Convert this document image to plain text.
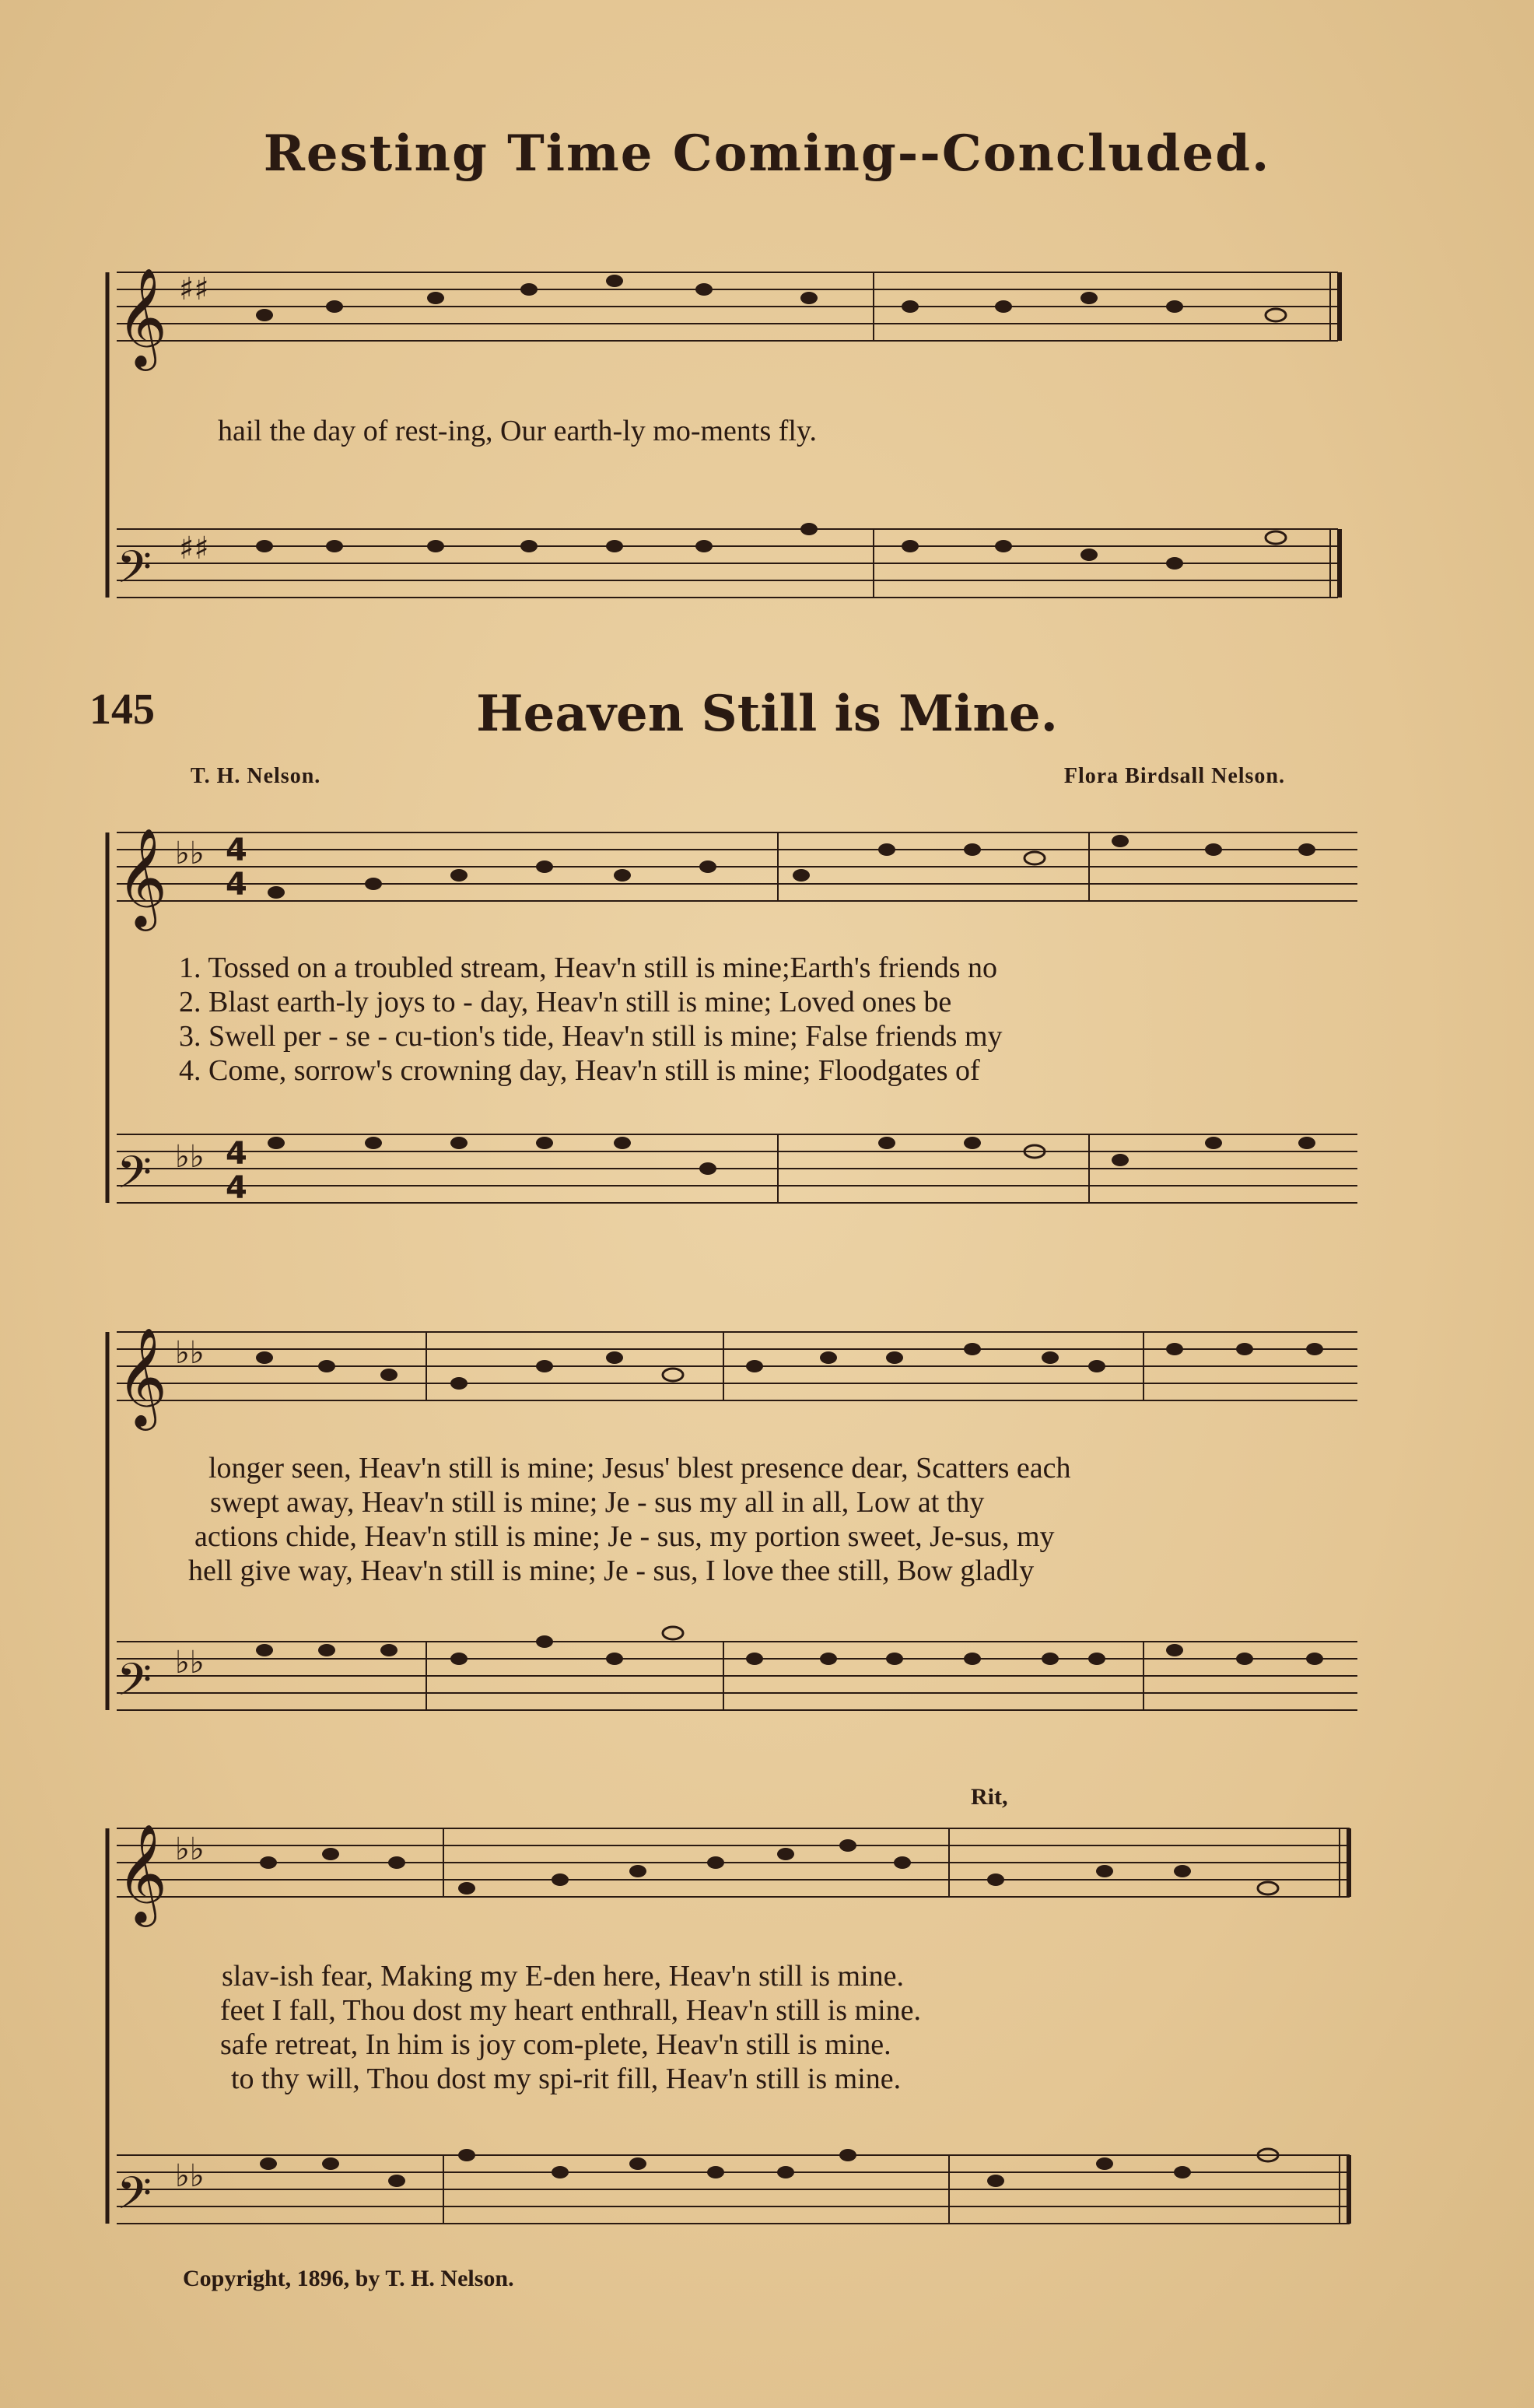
𝄞
𝄢
𝄞
𝄢
𝄞
𝄢
𝄞
𝄢
♯♯
♯♯
♭♭
♭♭
♭♭
♭♭
♭♭
♭♭
4
4
4
4
Resting Time Coming--Concluded.
hail the day of rest-ing, Our earth-ly mo-ments fly.
145	Heaven Still is Mine.
T. H. Nelson.	Flora Birdsall Nelson.
1. Tossed on a troubled stream, Heav'n still is mine;Earth's friends no
2. Blast earth-ly joys to - day, Heav'n still is mine; Loved ones be
3. Swell per - se - cu-tion's tide, Heav'n still is mine; False friends my
4. Come, sorrow's crowning day, Heav'n still is mine; Floodgates of
longer seen, Heav'n still is mine; Jesus' blest presence dear, Scatters each
swept away, Heav'n still is mine; Je - sus my all in all, Low at thy
actions chide, Heav'n still is mine; Je - sus, my portion sweet, Je-sus, my
hell give way, Heav'n still is mine; Je - sus, I love thee still, Bow gladly
Rit,
slav-ish fear, Making my E-den here, Heav'n still is mine.
feet I fall, Thou dost my heart enthrall, Heav'n still is mine.
safe retreat, In him is joy com-plete, Heav'n still is mine.
to thy will, Thou dost my spi-rit fill, Heav'n still is mine.
Copyright, 1896, by T. H. Nelson.
